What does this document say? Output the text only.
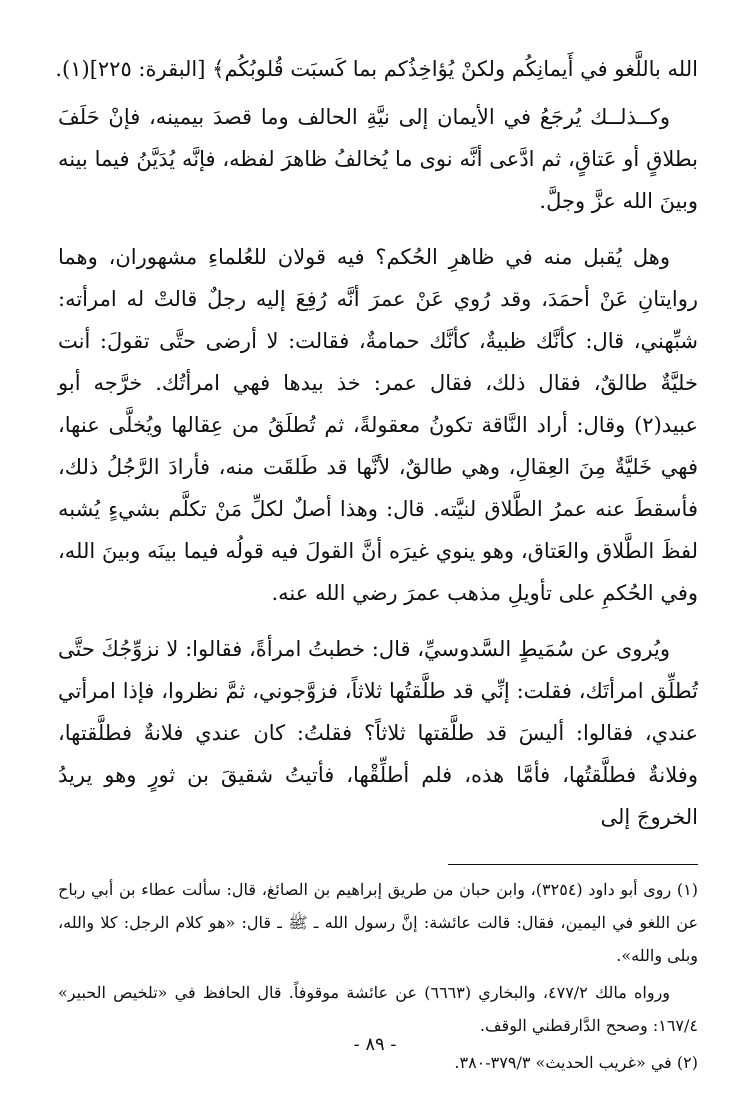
الله باللَّغو في أَيمانِكُم ولكنْ يُؤاخِذُكم بما كَسبَت قُلوبُكُم﴾ [البقرة: ٢٢٥](١).

وكــذلــك يُرجَعُ في الأيمان إلى نيَّةِ الحالف وما قصدَ بيمينه، فإنْ حَلَفَ بطلاقٍ أو عَتاقٍ، ثم ادَّعى أنَّه نوى ما يُخالفُ ظاهرَ لفظه، فإنَّه يُدَيَّنُ فيما بينه وبينَ الله عزَّ وجلَّ.

وهل يُقبل منه في ظاهرِ الحُكم؟ فيه قولان للعُلماءِ مشهوران، وهما روايتانِ عَنْ أحمَدَ، وقد رُوي عَنْ عمرَ أنَّه رُفِعَ إليه رجلٌ قالتْ له امرأته: شبِّهني، قال: كأنَّك ظبيةٌ، كأنَّك حمامةٌ، فقالت: لا أرضى حتَّى تقولَ: أنت خليَّةٌ طالقٌ، فقال ذلك، فقال عمر: خذ بيدها فهي امرأتُك. خرَّجه أبو عبيد(٢) وقال: أراد النَّاقة تكونُ معقولةً، ثم تُطلَقُ من عِقالها ويُخلَّى عنها، فهي خَليَّةٌ مِنَ العِقالِ، وهي طالقٌ، لأنَّها قد طَلقَت منه، فأرادَ الرَّجُلُ ذلك، فأسقطَ عنه عمرُ الطَّلاق لنيَّته. قال: وهذا أصلٌ لكلِّ مَنْ تكلَّم بشيءٍ يُشبه لفظَ الطَّلاق والعَتاق، وهو ينوي غيرَه أنَّ القولَ فيه قولُه فيما بينَه وبينَ الله، وفي الحُكمِ على تأويلِ مذهب عمرَ رضي الله عنه.

ويُروى عن سُمَيطٍ السَّدوسيِّ، قال: خطبتُ امرأةً، فقالوا: لا نزوِّجُكَ حتَّى تُطلِّق امرأتَك، فقلت: إنِّي قد طلَّقتُها ثلاثاً، فزوَّجوني، ثمَّ نظروا، فإذا امرأتي عندي، فقالوا: أليسَ قد طلَّقتها ثلاثاً؟ فقلتُ: كان عندي فلانةٌ فطلَّقتها، وفلانةٌ فطلَّقتُها، فأمَّا هذه، فلم أطلِّقْها، فأتيتُ شقيقَ بن ثورٍ وهو يريدُ الخروجَ إلى

(١) روى أبو داود (٣٢٥٤)، وابن حبان من طريق إبراهيم بن الصائغ، قال: سألت عطاء بن أبي رباح عن اللغو في اليمين، فقال: قالت عائشة: إنَّ رسول الله ـ ﷺ ـ قال: «هو كلام الرجل: كلا والله، وبلى والله».

ورواه مالك ٤٧٧/٢، والبخاري (٦٦٦٣) عن عائشة موقوفاً. قال الحافظ في «تلخيص الحبير» ١٦٧/٤: وصحح الدَّارقطني الوقف.

(٢) في «غريب الحديث» ٣٧٩/٣-٣٨٠.

- ٨٩ -
